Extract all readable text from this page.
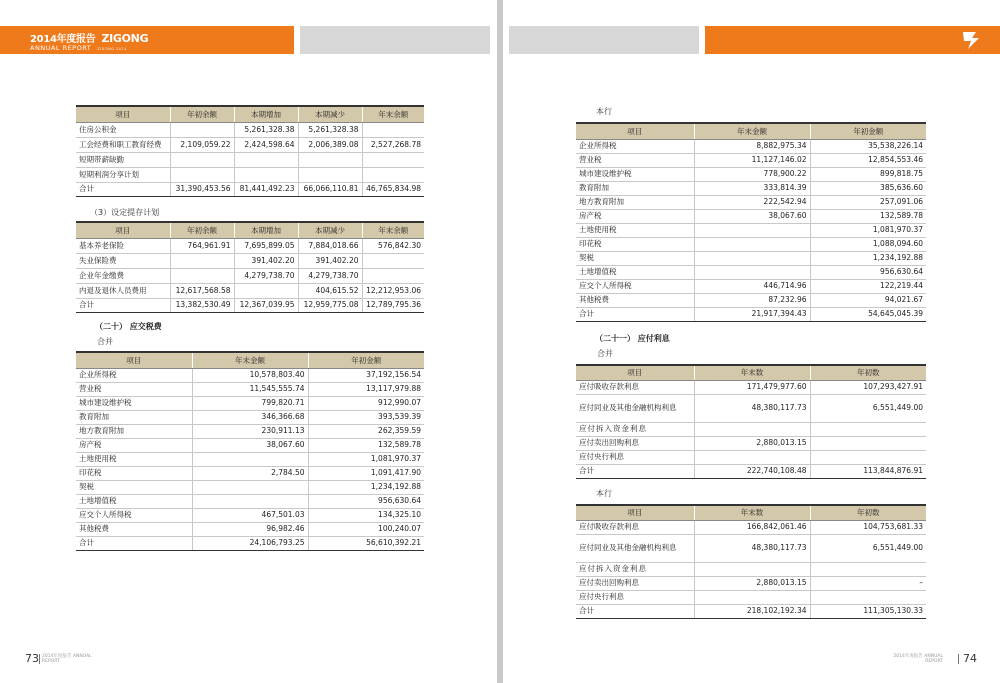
2014年度报告 ZIGONG
ANNUAL REPORT ZIGONG 2014
项目	年初余额	本期增加	本期减少	年末余额
住房公积金		5,261,328.38	5,261,328.38	
工会经费和职工教育经费	2,109,059.22	2,424,598.64	2,006,389.08	2,527,268.78
短期带薪缺勤				
短期利润分享计划				
合计	31,390,453.56	81,441,492.23	66,066,110.81	46,765,834.98
（3）设定提存计划
项目	年初余额	本期增加	本期减少	年末余额
基本养老保险	764,961.91	7,695,899.05	7,884,018.66	576,842.30
失业保险费		391,402.20	391,402.20	
企业年金缴费		4,279,738.70	4,279,738.70	
内退及退休人员费用	12,617,568.58		404,615.52	12,212,953.06
合计	13,382,530.49	12,367,039.95	12,959,775.08	12,789,795.36
（二十） 应交税费
合并
项目	年末金额	年初金额
企业所得税	10,578,803.40	37,192,156.54
营业税	11,545,555.74	13,117,979.88
城市建设维护税	799,820.71	912,990.07
教育附加	346,366.68	393,539.39
地方教育附加	230,911.13	262,359.59
房产税	38,067.60	132,589.78
土地使用税		1,081,970.37
印花税	2,784.50	1,091,417.90
契税		1,234,192.88
土地增值税		956,630.64
应交个人所得税	467,501.03	134,325.10
其他税费	96,982.46	100,240.07
合计	24,106,793.25	56,610,392.21
73 2014年度报告 ANNUAL REPORT
本行
项目	年末金额	年初金额
企业所得税	8,882,975.34	35,538,226.14
营业税	11,127,146.02	12,854,553.46
城市建设维护税	778,900.22	899,818.75
教育附加	333,814.39	385,636.60
地方教育附加	222,542.94	257,091.06
房产税	38,067.60	132,589.78
土地使用税		1,081,970.37
印花税		1,088,094.60
契税		1,234,192.88
土地增值税		956,630.64
应交个人所得税	446,714.96	122,219.44
其他税费	87,232.96	94,021.67
合计	21,917,394.43	54,645,045.39
（二十一） 应付利息
合并
项目	年末数	年初数
应付吸收存款利息	171,479,977.60	107,293,427.91
应付同业及其他金融机构利息	48,380,117.73	6,551,449.00
应付拆入资金利息		
应付卖出回购利息	2,880,013.15	
应付央行利息		
合计	222,740,108.48	113,844,876.91
本行
项目	年末数	年初数
应付吸收存款利息	166,842,061.46	104,753,681.33
应付同业及其他金融机构利息	48,380,117.73	6,551,449.00
应付拆入资金利息		
应付卖出回购利息	2,880,013.15	–
应付央行利息		
合计	218,102,192.34	111,305,130.33
2014年度报告 ANNUAL REPORT 74
